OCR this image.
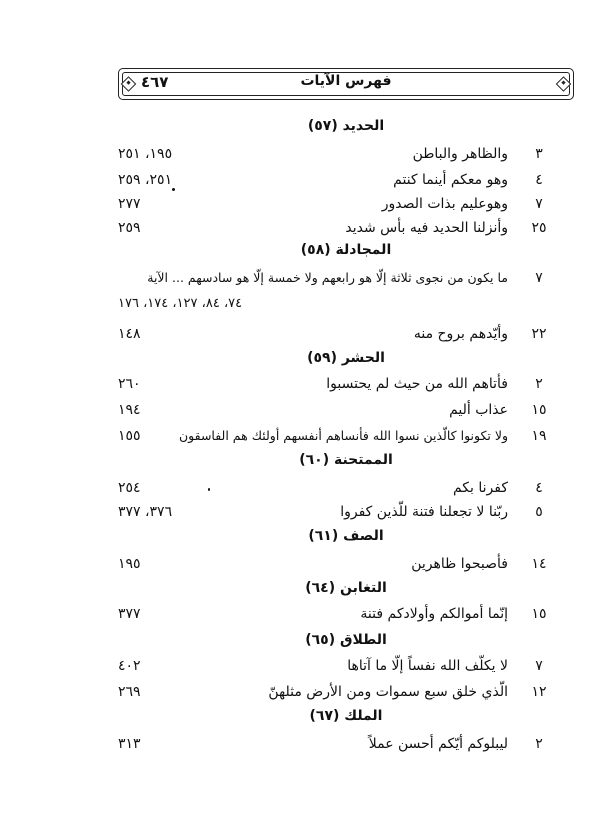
فهرس الآيات
٤٦٧
الحديد (٥٧)
٣
والظاهر والباطن
١٩٥، ٢٥١
٤
وهو معكم أينما كنتم
٢٥١، ٢٥٩
٧
وهوعليم بذات الصدور
٢٧٧
٢٥
وأنزلنا الحديد فيه بأس شديد
٢٥٩
المجادلة (٥٨)
٧
ما يكون من نجوى ثلاثة إلّا هو رابعهم ولا خمسة إلّا هو سادسهم ... الآية
٧٤، ٨٤، ١٢٧، ١٧٤، ١٧٦
٢٢
وأيّدهم بروح منه
١٤٨
الحشر (٥٩)
٢
فأتاهم الله من حيث لم يحتسبوا
٢٦٠
١٥
عذاب أليم
١٩٤
١٩
ولا تكونوا كالّذين نسوا الله فأنساهم أنفسهم أولئك هم الفاسقون
١٥٥
الممتحنة (٦٠)
٤
كفرنا بكم
٢٥٤
٥
ربّنا لا تجعلنا فتنة للّذين كفروا
٣٧٦، ٣٧٧
الصف (٦١)
١٤
فأصبحوا ظاهرين
١٩٥
التغابن (٦٤)
١٥
إنّما أموالكم وأولادكم فتنة
٣٧٧
الطلاق (٦٥)
٧
لا يكلّف الله نفساً إلّا ما آتاها
٤٠٢
١٢
الّذي خلق سبع سموات ومن الأرض مثلهنّ
٢٦٩
الملك (٦٧)
٢
ليبلوكم أيّكم أحسن عملاً
٣١٣
